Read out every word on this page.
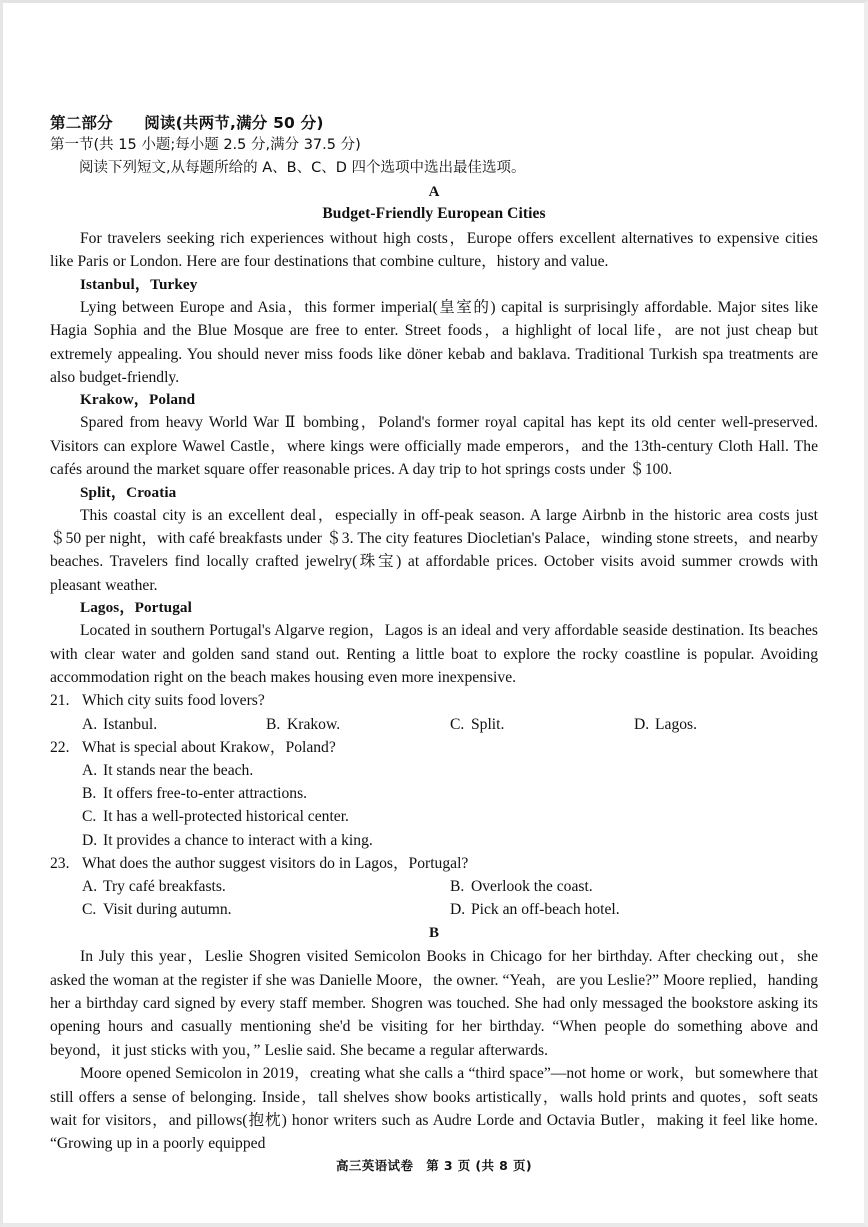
第二部分　　阅读(共两节,满分 50 分)
第一节(共 15 小题;每小题 2.5 分,满分 37.5 分)
阅读下列短文,从每题所给的 A、B、C、D 四个选项中选出最佳选项。
A
Budget-Friendly European Cities

For travelers seeking rich experiences without high costs，Europe offers excellent alternatives to expensive cities like Paris or London. Here are four destinations that combine culture，history and value.

Istanbul，Turkey

Lying between Europe and Asia，this former imperial(皇室的) capital is surprisingly affordable. Major sites like Hagia Sophia and the Blue Mosque are free to enter. Street foods，a highlight of local life，are not just cheap but extremely appealing. You should never miss foods like döner kebab and baklava. Traditional Turkish spa treatments are also budget-friendly.

Krakow，Poland

Spared from heavy World War Ⅱ bombing，Poland's former royal capital has kept its old center well-preserved. Visitors can explore Wawel Castle，where kings were officially made emperors，and the 13th-century Cloth Hall. The cafés around the market square offer reasonable prices. A day trip to hot springs costs under ＄100.

Split，Croatia

This coastal city is an excellent deal，especially in off-peak season. A large Airbnb in the historic area costs just ＄50 per night，with café breakfasts under ＄3. The city features Diocletian's Palace，winding stone streets，and nearby beaches. Travelers find locally crafted jewelry(珠宝) at affordable prices. October visits avoid summer crowds with pleasant weather.

Lagos，Portugal

Located in southern Portugal's Algarve region，Lagos is an ideal and very affordable seaside destination. Its beaches with clear water and golden sand stand out. Renting a little boat to explore the rocky coastline is popular. Avoiding accommodation right on the beach makes housing even more inexpensive.

21. Which city suits food lovers?
A. Istanbul.	B. Krakow.	C. Split.	D. Lagos.
22. What is special about Krakow，Poland?
A. It stands near the beach.
B. It offers free-to-enter attractions.
C. It has a well-protected historical center.
D. It provides a chance to interact with a king.
23. What does the author suggest visitors do in Lagos，Portugal?
A. Try café breakfasts.	B. Overlook the coast.
C. Visit during autumn.	D. Pick an off-beach hotel.
B

In July this year，Leslie Shogren visited Semicolon Books in Chicago for her birthday. After checking out，she asked the woman at the register if she was Danielle Moore，the owner. “Yeah，are you Leslie?” Moore replied，handing her a birthday card signed by every staff member. Shogren was touched. She had only messaged the bookstore asking its opening hours and casually mentioning she'd be visiting for her birthday. “When people do something above and beyond，it just sticks with you，” Leslie said. She became a regular afterwards.

Moore opened Semicolon in 2019，creating what she calls a “third space”—not home or work，but somewhere that still offers a sense of belonging. Inside，tall shelves show books artistically，walls hold prints and quotes，soft seats wait for visitors，and pillows(抱枕) honor writers such as Audre Lorde and Octavia Butler，making it feel like home. “Growing up in a poorly equipped

高三英语试卷　第 3 页 (共 8 页)
